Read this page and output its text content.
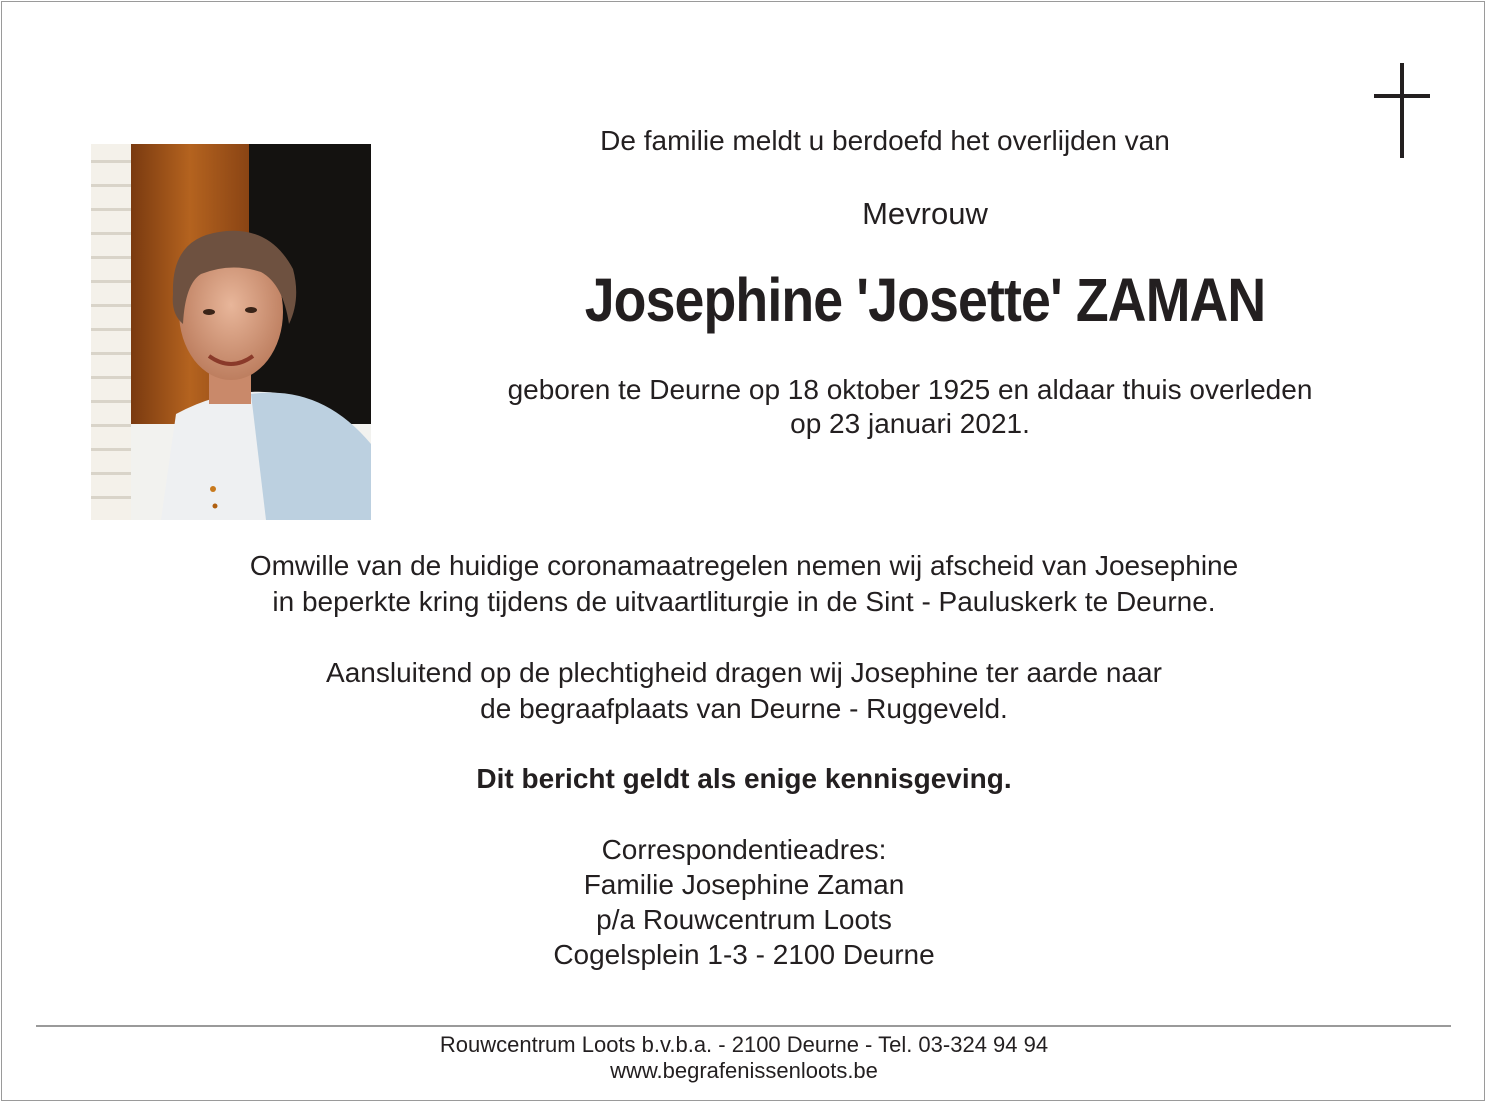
De familie meldt u berdoefd het overlijden van
Mevrouw
Josephine 'Josette' ZAMAN
geboren te Deurne op 18 oktober 1925 en aldaar thuis overleden
op 23 januari 2021.
Omwille van de huidige coronamaatregelen nemen wij afscheid van Joesephine
in beperkte kring tijdens de uitvaartliturgie in de Sint - Pauluskerk te Deurne.
Aansluitend op de plechtigheid dragen wij Josephine ter aarde naar
de begraafplaats van Deurne - Ruggeveld.
Dit bericht geldt als enige kennisgeving.
Correspondentieadres:
Familie Josephine Zaman
p/a Rouwcentrum Loots
Cogelsplein 1-3 - 2100 Deurne
Rouwcentrum Loots b.v.b.a. - 2100 Deurne - Tel. 03-324 94 94
www.begrafenissenloots.be
